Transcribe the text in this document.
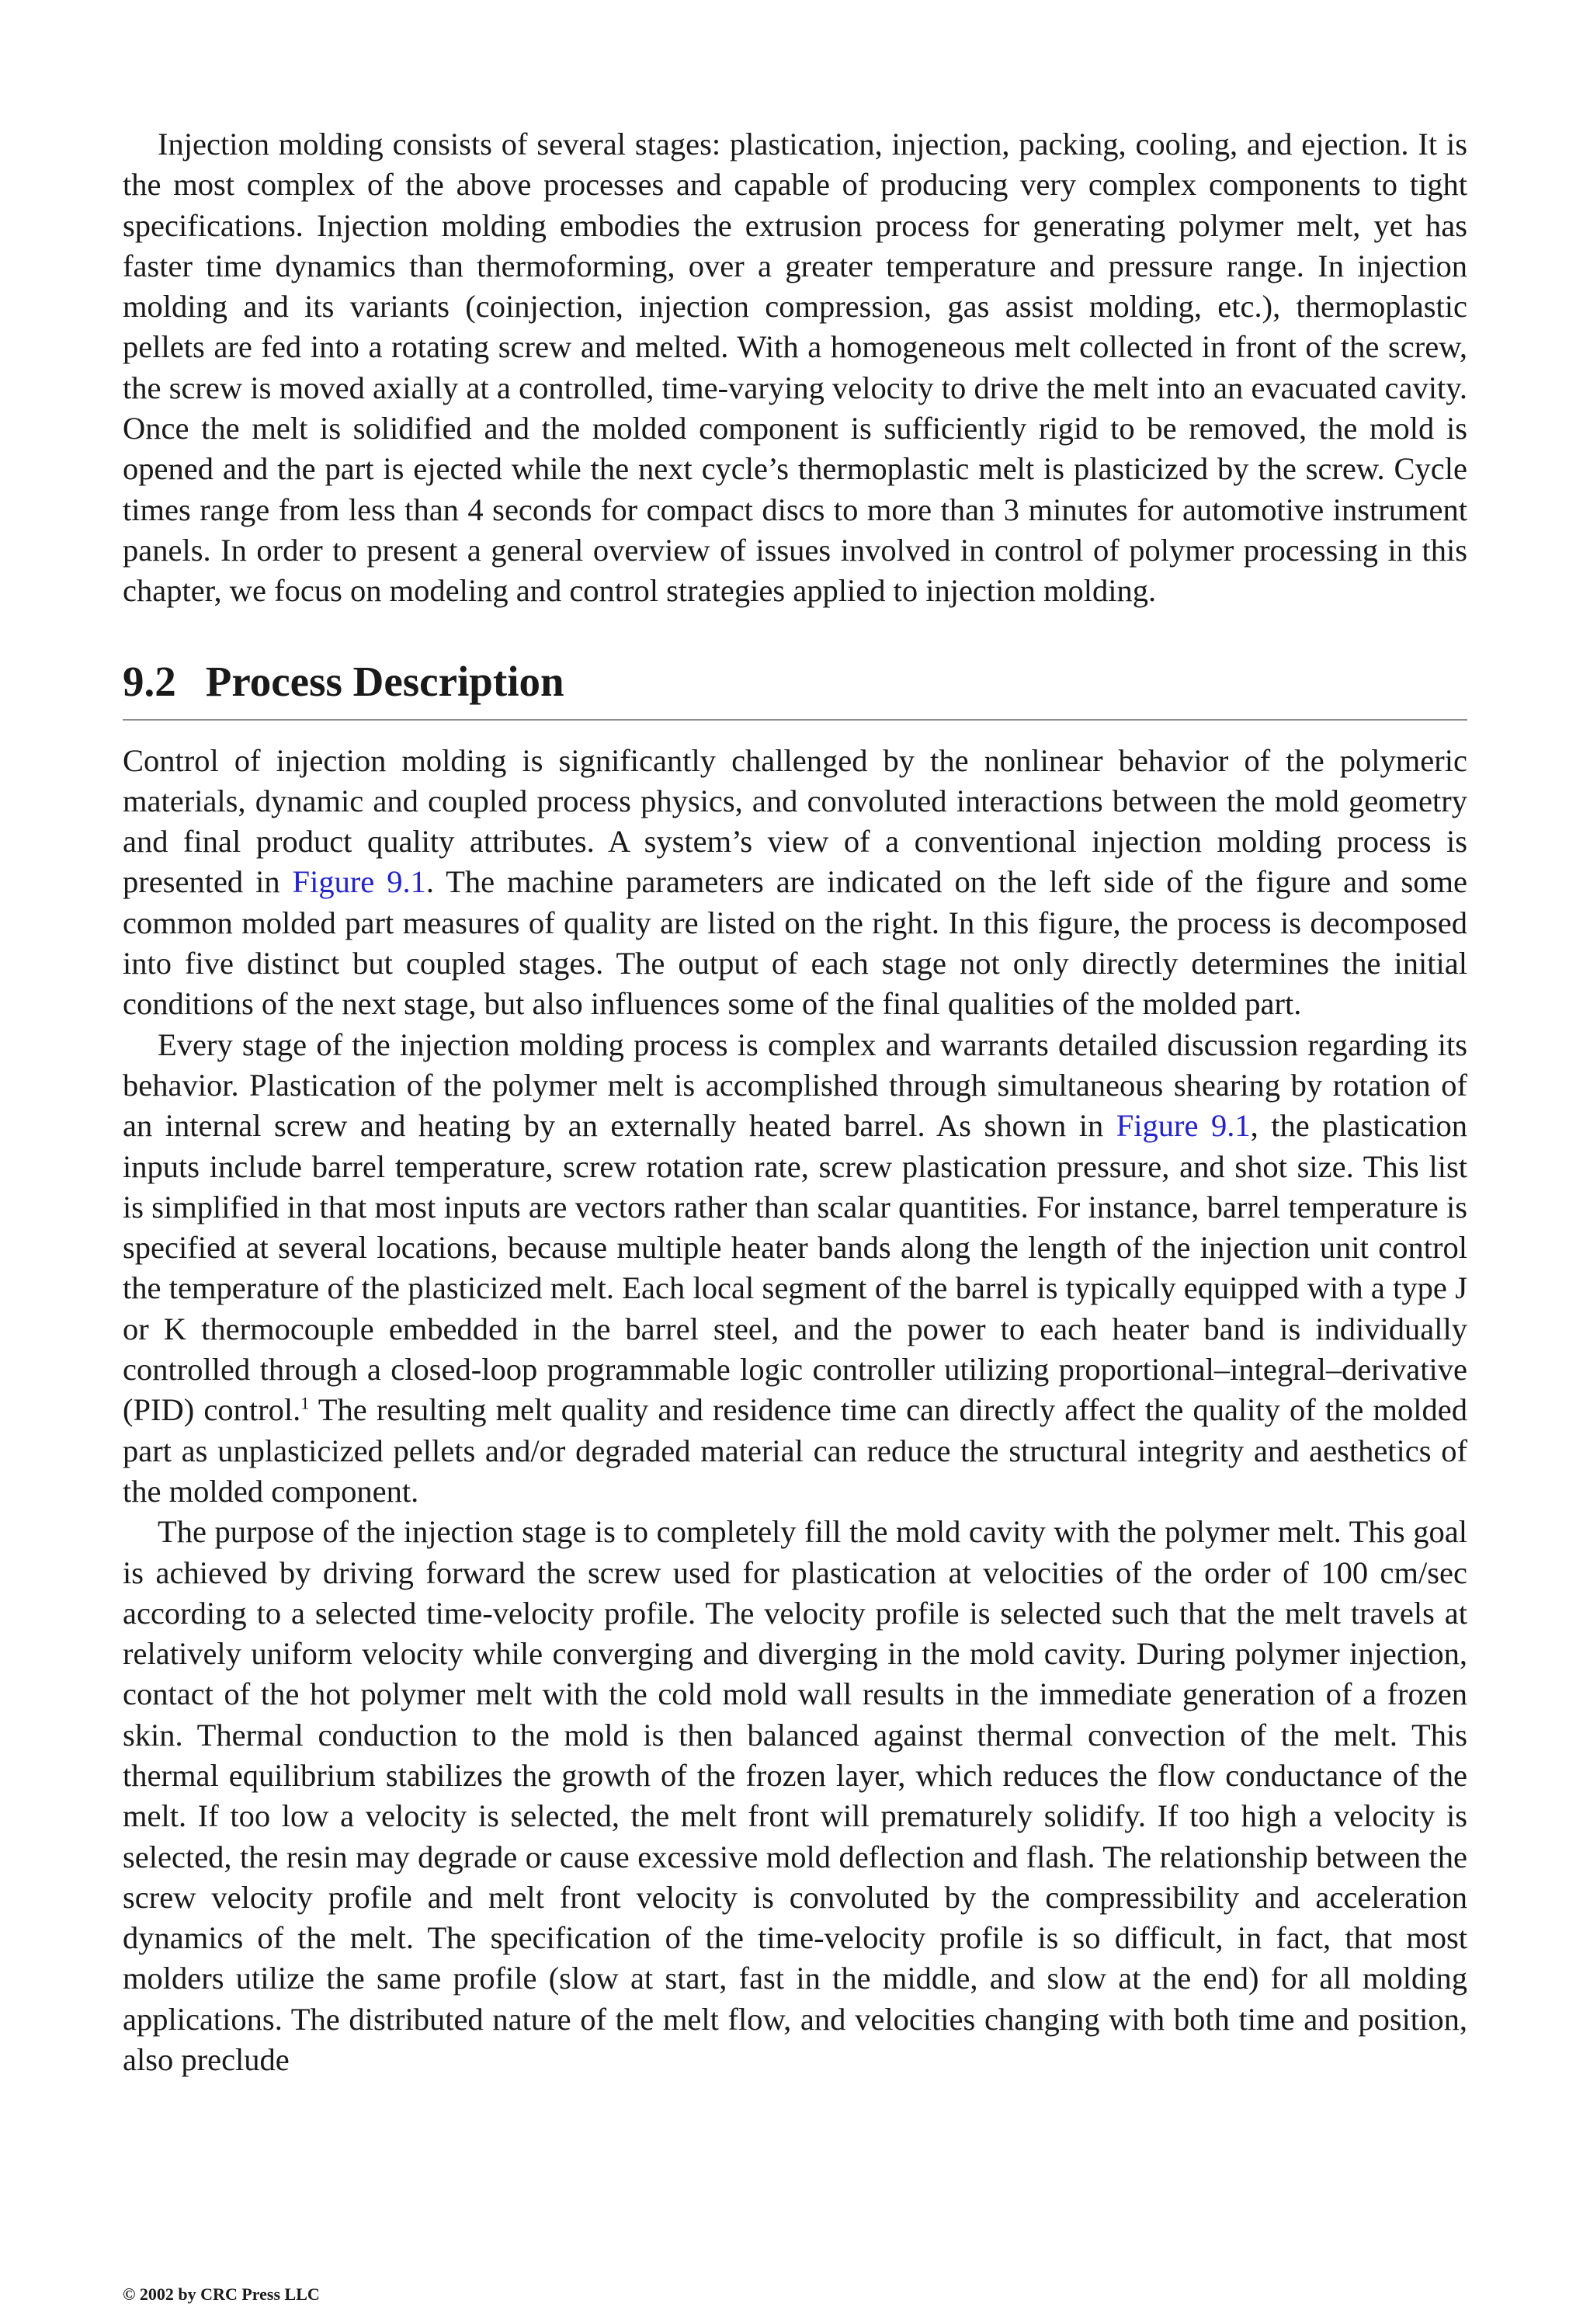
Injection molding consists of several stages: plastication, injection, packing, cooling, and ejection. It is the most complex of the above processes and capable of producing very complex components to tight specifications. Injection molding embodies the extrusion process for generating polymer melt, yet has faster time dynamics than thermoforming, over a greater temperature and pressure range. In injection molding and its variants (coinjection, injection compression, gas assist molding, etc.), thermoplastic pellets are fed into a rotating screw and melted. With a homogeneous melt collected in front of the screw, the screw is moved axially at a controlled, time-varying velocity to drive the melt into an evacuated cavity. Once the melt is solidified and the molded component is sufficiently rigid to be removed, the mold is opened and the part is ejected while the next cycle’s thermoplastic melt is plasticized by the screw. Cycle times range from less than 4 seconds for compact discs to more than 3 minutes for automotive instrument panels. In order to present a general overview of issues involved in control of polymer processing in this chapter, we focus on modeling and control strategies applied to injection molding.

9.2 Process Description

Control of injection molding is significantly challenged by the nonlinear behavior of the polymeric materials, dynamic and coupled process physics, and convoluted interactions between the mold geometry and final product quality attributes. A system’s view of a conventional injection molding process is presented in Figure 9.1. The machine parameters are indicated on the left side of the figure and some common molded part measures of quality are listed on the right. In this figure, the process is decomposed into five distinct but coupled stages. The output of each stage not only directly determines the initial conditions of the next stage, but also influences some of the final qualities of the molded part.

Every stage of the injection molding process is complex and warrants detailed discussion regarding its behavior. Plastication of the polymer melt is accomplished through simultaneous shearing by rotation of an internal screw and heating by an externally heated barrel. As shown in Figure 9.1, the plastication inputs include barrel temperature, screw rotation rate, screw plastication pressure, and shot size. This list is simplified in that most inputs are vectors rather than scalar quantities. For instance, barrel temperature is specified at several locations, because multiple heater bands along the length of the injection unit control the temperature of the plasticized melt. Each local segment of the barrel is typically equipped with a type J or K thermocouple embedded in the barrel steel, and the power to each heater band is individually controlled through a closed-loop programmable logic controller utilizing proportional–integral–derivative (PID) control.$^1$ The resulting melt quality and residence time can directly affect the quality of the molded part as unplasticized pellets and/or degraded material can reduce the structural integrity and aesthetics of the molded component.

The purpose of the injection stage is to completely fill the mold cavity with the polymer melt. This goal is achieved by driving forward the screw used for plastication at velocities of the order of 100 cm/sec according to a selected time-velocity profile. The velocity profile is selected such that the melt travels at relatively uniform velocity while converging and diverging in the mold cavity. During polymer injection, contact of the hot polymer melt with the cold mold wall results in the immediate generation of a frozen skin. Thermal conduction to the mold is then balanced against thermal convection of the melt. This thermal equilibrium stabilizes the growth of the frozen layer, which reduces the flow conductance of the melt. If too low a velocity is selected, the melt front will prematurely solidify. If too high a velocity is selected, the resin may degrade or cause excessive mold deflection and flash. The relationship between the screw velocity profile and melt front velocity is convoluted by the compressibility and acceleration dynamics of the melt. The specification of the time-velocity profile is so difficult, in fact, that most molders utilize the same profile (slow at start, fast in the middle, and slow at the end) for all molding applications. The distributed nature of the melt flow, and velocities changing with both time and position, also preclude

© 2002 by CRC Press LLC
